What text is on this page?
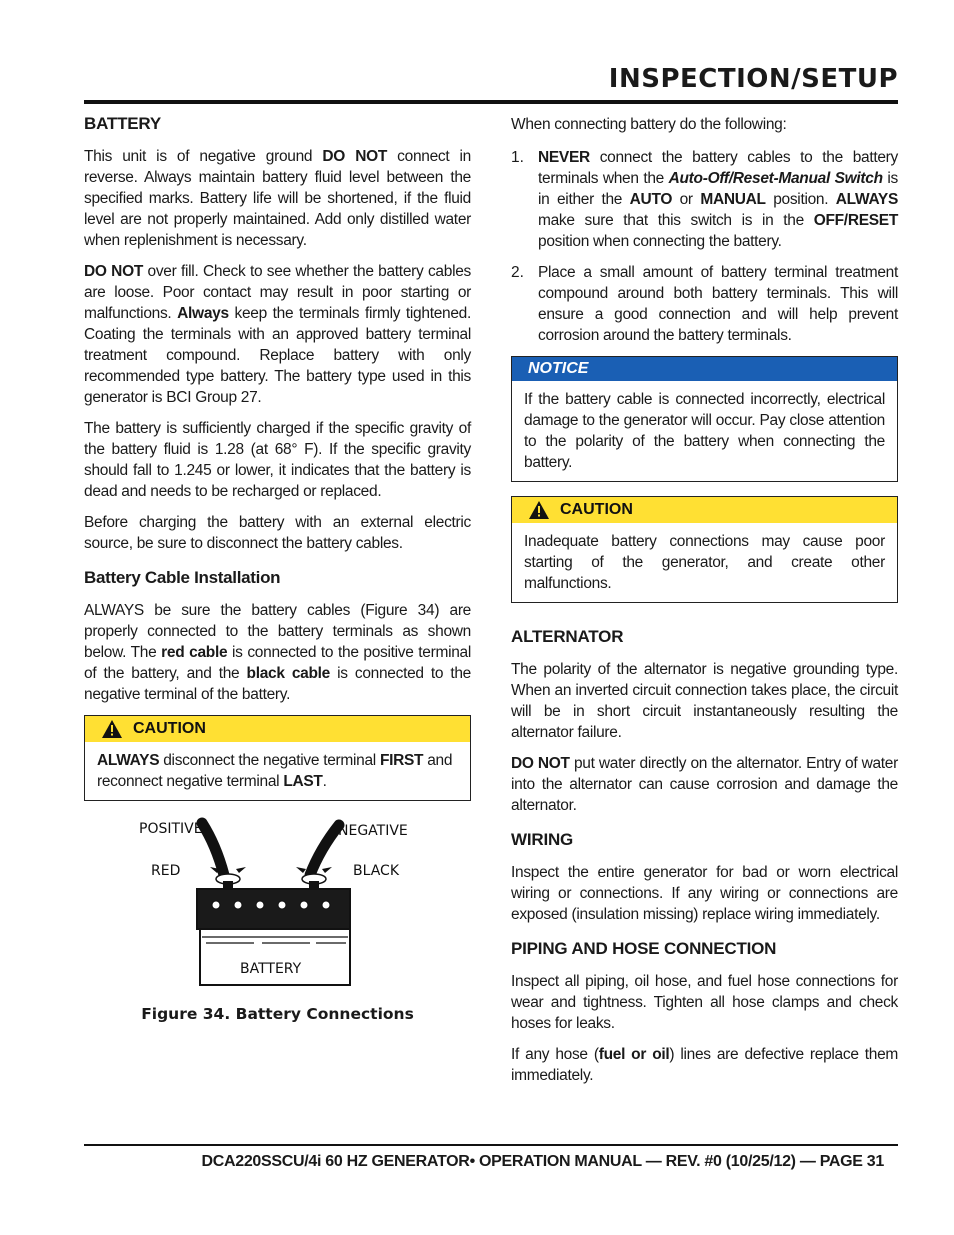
INSPECTION/SETUP
BATTERY

This unit is of negative ground DO NOT connect in reverse. Always maintain battery fluid level between the specified marks. Battery life will be shortened, if the fluid level are not properly maintained. Add only distilled water when replenishment is necessary.

DO NOT over fill. Check to see whether the battery cables are loose. Poor contact may result in poor starting or malfunctions. Always keep the terminals firmly tightened. Coating the terminals with an approved battery terminal treatment compound. Replace battery with only recommended type battery. The battery type used in this generator is BCI Group 27.

The battery is sufficiently charged if the specific gravity of the battery fluid is 1.28 (at 68° F). If the specific gravity should fall to 1.245 or lower, it indicates that the battery is dead and needs to be recharged or replaced.

Before charging the battery with an external electric source, be sure to disconnect the battery cables.

Battery Cable Installation

ALWAYS be sure the battery cables (Figure 34) are properly connected to the battery terminals as shown below. The red cable is connected to the positive terminal of the battery, and the black cable is connected to the negative terminal of the battery.

CAUTION

ALWAYS disconnect the negative terminal FIRST and reconnect negative terminal LAST.

POSITIVE	NEGATIVE
RED	BLACK
BATTERY
Figure 34. Battery Connections

When connecting battery do the following:

1. NEVER connect the battery cables to the battery terminals when the Auto-Off/Reset-Manual Switch is in either the AUTO or MANUAL position. ALWAYS make sure that this switch is in the OFF/RESET position when connecting the battery.

2. Place a small amount of battery terminal treatment compound around both battery terminals. This will ensure a good connection and will help prevent corrosion around the battery terminals.

NOTICE

If the battery cable is connected incorrectly, electrical damage to the generator will occur. Pay close attention to the polarity of the battery when connecting the battery.

CAUTION

Inadequate battery connections may cause poor starting of the generator, and create other malfunctions.

ALTERNATOR

The polarity of the alternator is negative grounding type. When an inverted circuit connection takes place, the circuit will be in short circuit instantaneously resulting the alternator failure.

DO NOT put water directly on the alternator. Entry of water into the alternator can cause corrosion and damage the alternator.

WIRING

Inspect the entire generator for bad or worn electrical wiring or connections. If any wiring or connections are exposed (insulation missing) replace wiring immediately.

PIPING AND HOSE CONNECTION

Inspect all piping, oil hose, and fuel hose connections for wear and tightness. Tighten all hose clamps and check hoses for leaks.

If any hose (fuel or oil) lines are defective replace them immediately.

DCA220SSCU/4i 60 HZ GENERATOR• OPERATION MANUAL — REV. #0 (10/25/12) — PAGE 31
